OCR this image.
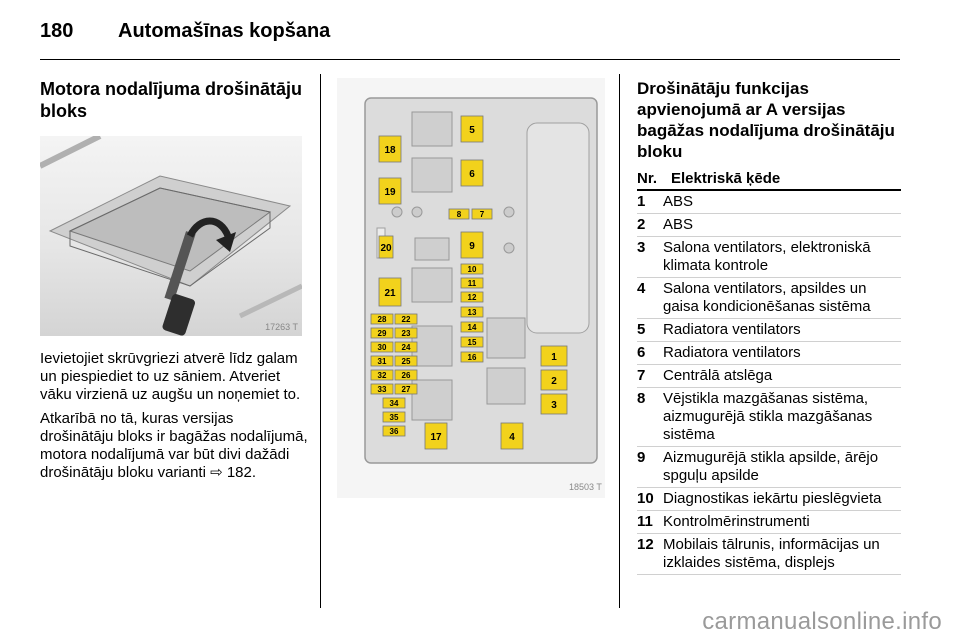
180 Automašīnas kopšana
Motora nodalījuma drošinātāju bloks
17263 T

Ievietojiet skrūvgriezi atverē līdz galam un piespiediet to uz sāniem. Atveriet vāku virzienā uz augšu un noņemiet to.

Atkarībā no tā, kuras versijas drošinātāju bloks ir bagāžas nodalījumā, motora nodalījumā var būt divi dažādi drošinātāju bloku varianti ⇨ 182.

1
2
3
4
5
6
7
8
9
10
11
12
13
14
15
16
17
18
19
20
21
22
23
24
25
26
27
28
29
30
31
32
33
34
35
36
18503 T
Drošinātāju funkcijas apvienojumā ar A versijas bagāžas nodalījuma drošinātāju bloku
Nr. Elektriskā ķēde
1	ABS
2	ABS
3	Salona ventilators, elektroniskā klimata kontrole
4	Salona ventilators, apsildes un gaisa kondicionēšanas sistēma
5	Radiatora ventilators
6	Radiatora ventilators
7	Centrālā atslēga
8	Vējstikla mazgāšanas sistēma, aizmugurējā stikla mazgāšanas sistēma
9	Aizmugurējā stikla apsilde, ārējo spguļu apsilde
10 Diagnostikas iekārtu pieslēgvieta
11 Kontrolmērinstrumenti
12 Mobilais tālrunis, informācijas un izklaides sistēma, displejs
carmanualsonline.info
